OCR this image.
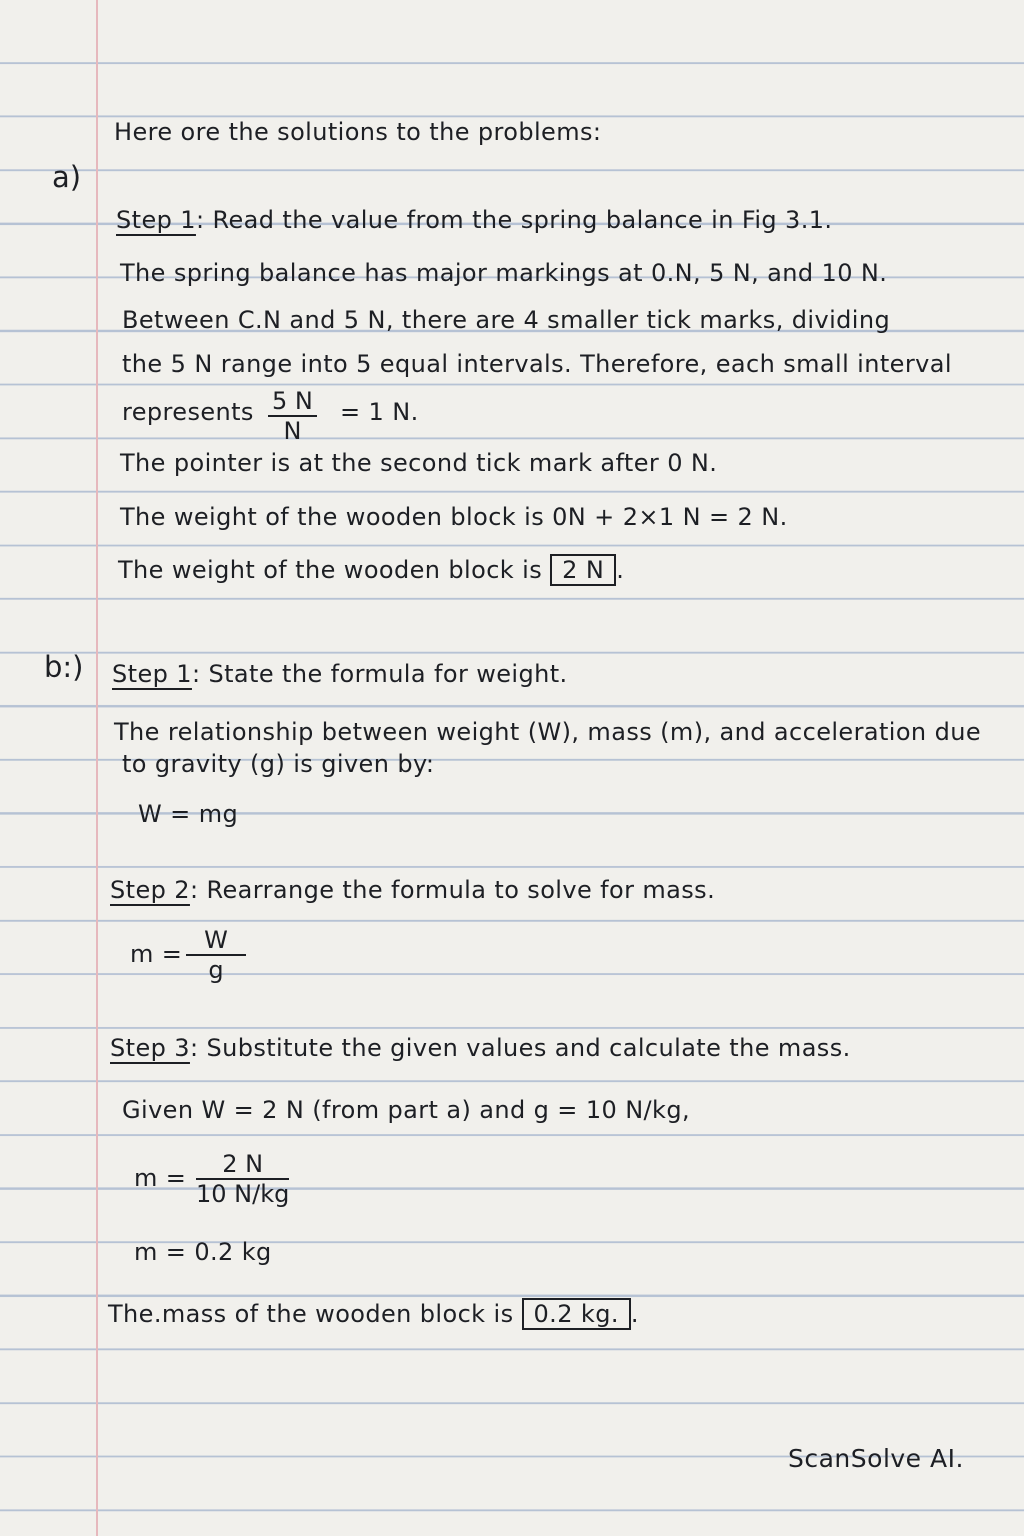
Here ore the solutions to the problems:
a)
Step 1: Read the value from the spring balance in Fig 3.1.
The spring balance has major markings at 0.N, 5 N, and 10 N.
Between C.N and 5 N, there are 4 smaller tick marks, dividing
the 5 N range into 5 equal intervals. Therefore, each small interval
represents $\frac{5 N}{N} = 1$ N.
The pointer is at the second tick mark after 0 N.
The weight of the wooden block is 0N + 2×1 N = 2 N.
The weight of the wooden block is 2 N .
b:) Step 1: State the formula for weight.
The relationship between weight (W), mass (m), and acceleration due
to gravity (g) is given by:
W = mg
Step 2: Rearrange the formula to solve for mass.
$m = \frac{W}{g}$
Step 3: Substitute the given values and calculate the mass.
Given W = 2 N (from part a) and g = 10 N/kg,
$m = \frac{2 N}{10 N/kg}$
m = 0.2 kg
The.mass of the wooden block is 0.2 kg. .
ScanSolve AI.
